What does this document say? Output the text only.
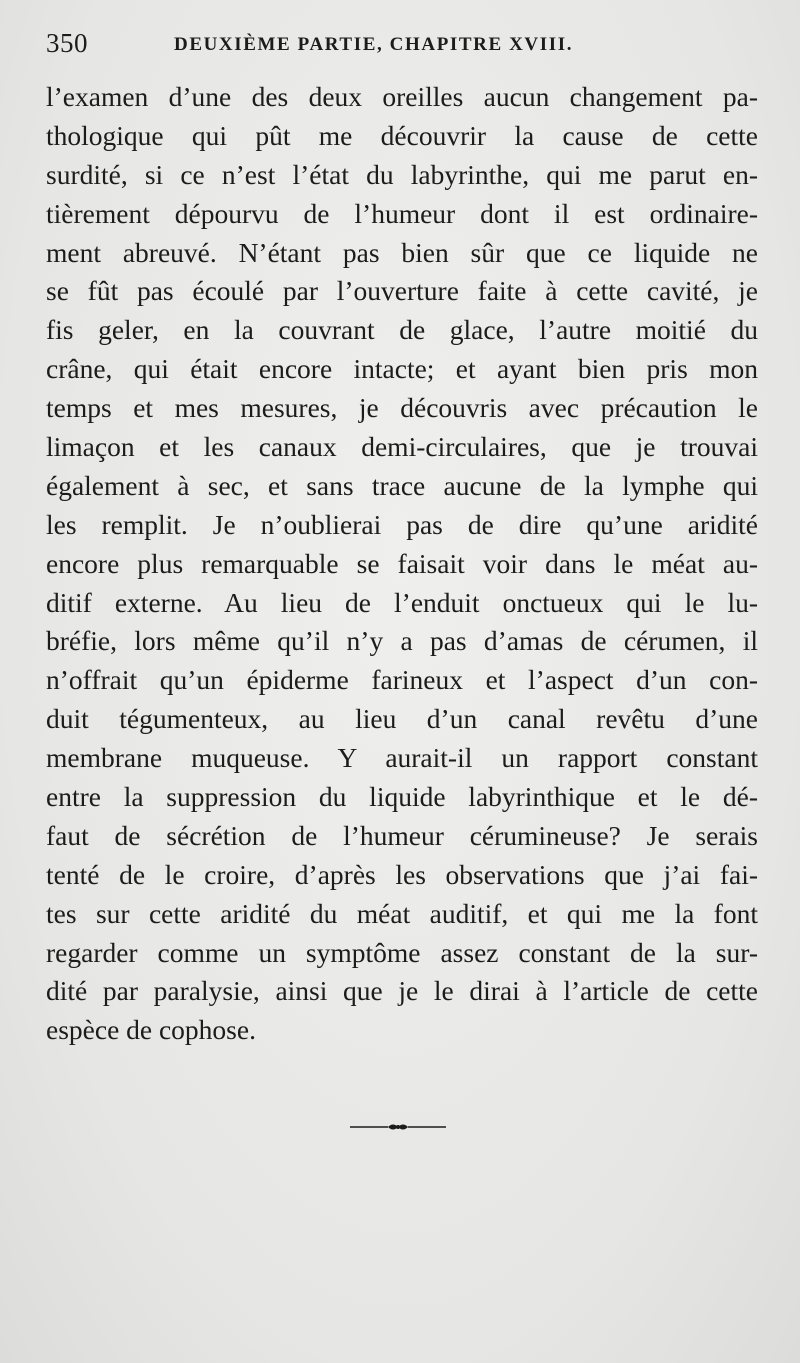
350	DEUXIÈME PARTIE, CHAPITRE XVIII.
l’examen d’une des deux oreilles aucun changement pa-
thologique qui pût me découvrir la cause de cette
surdité, si ce n’est l’état du labyrinthe, qui me parut en-
tièrement dépourvu de l’humeur dont il est ordinaire-
ment abreuvé. N’étant pas bien sûr que ce liquide ne
se fût pas écoulé par l’ouverture faite à cette cavité, je
fis geler, en la couvrant de glace, l’autre moitié du
crâne, qui était encore intacte; et ayant bien pris mon
temps et mes mesures, je découvris avec précaution le
limaçon et les canaux demi-circulaires, que je trouvai
également à sec, et sans trace aucune de la lymphe qui
les remplit. Je n’oublierai pas de dire qu’une aridité
encore plus remarquable se faisait voir dans le méat au-
ditif externe. Au lieu de l’enduit onctueux qui le lu-
bréfie, lors même qu’il n’y a pas d’amas de cérumen, il
n’offrait qu’un épiderme farineux et l’aspect d’un con-
duit tégumenteux, au lieu d’un canal revêtu d’une
membrane muqueuse. Y aurait-il un rapport constant
entre la suppression du liquide labyrinthique et le dé-
faut de sécrétion de l’humeur cérumineuse? Je serais
tenté de le croire, d’après les observations que j’ai fai-
tes sur cette aridité du méat auditif, et qui me la font
regarder comme un symptôme assez constant de la sur-
dité par paralysie, ainsi que je le dirai à l’article de cette
espèce de cophose.
